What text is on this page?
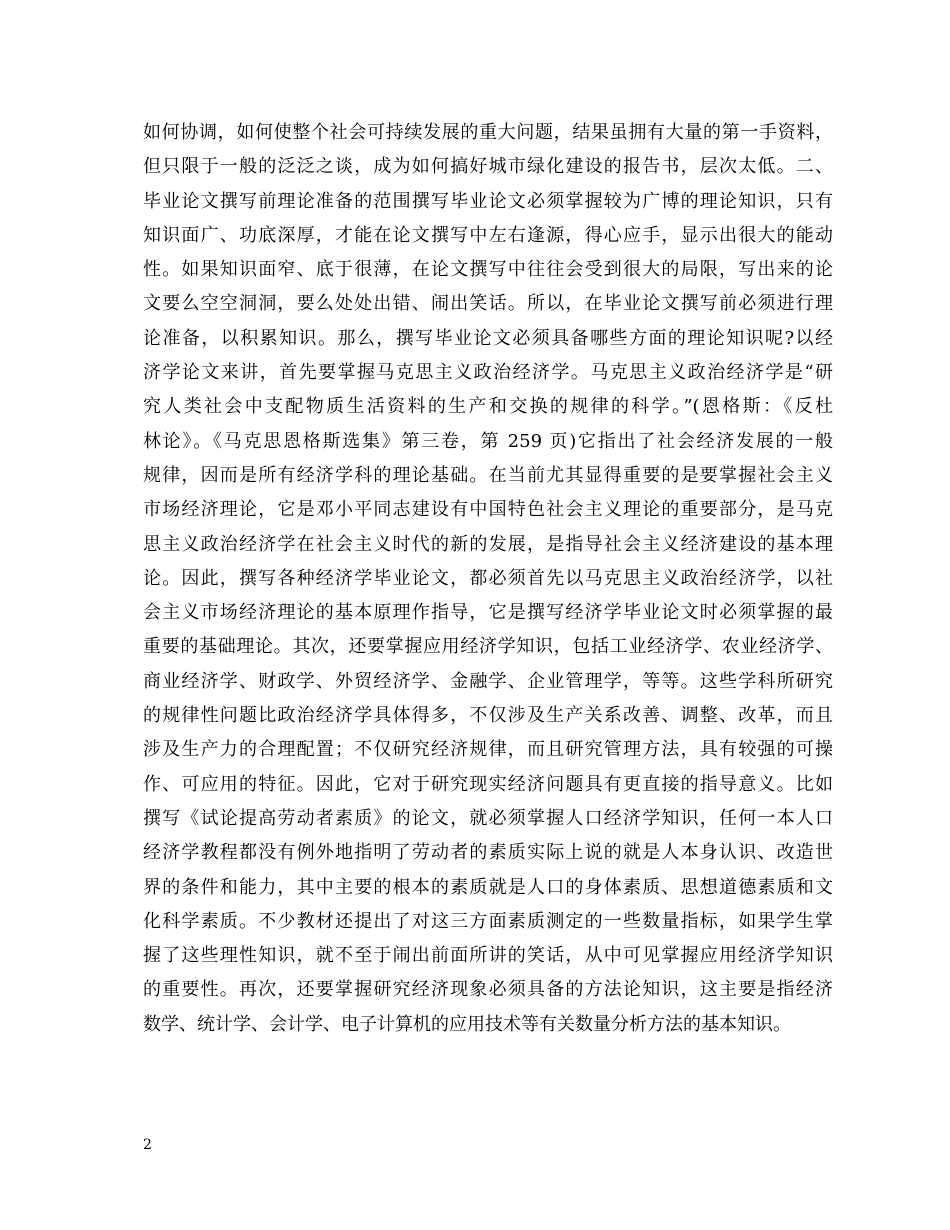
如何协调，如何使整个社会可持续发展的重大问题，结果虽拥有大量的第一手资料，
但只限于一般的泛泛之谈，成为如何搞好城市绿化建设的报告书，层次太低。二、
毕业论文撰写前理论准备的范围撰写毕业论文必须掌握较为广博的理论知识，只有
知识面广、功底深厚，才能在论文撰写中左右逢源，得心应手，显示出很大的能动
性。如果知识面窄、底于很薄，在论文撰写中往往会受到很大的局限，写出来的论
文要么空空洞洞，要么处处出错、闹出笑话。所以，在毕业论文撰写前必须进行理
论准备，以积累知识。那么，撰写毕业论文必须具备哪些方面的理论知识呢?以经
济学论文来讲，首先要掌握马克思主义政治经济学。马克思主义政治经济学是“研
究人类社会中支配物质生活资料的生产和交换的规律的科学。”(恩格斯：《反杜
林论》。《马克思恩格斯选集》第三卷，第 259 页)它指出了社会经济发展的一般
规律，因而是所有经济学科的理论基础。在当前尤其显得重要的是要掌握社会主义
市场经济理论，它是邓小平同志建设有中国特色社会主义理论的重要部分，是马克
思主义政治经济学在社会主义时代的新的发展，是指导社会主义经济建设的基本理
论。因此，撰写各种经济学毕业论文，都必须首先以马克思主义政治经济学，以社
会主义市场经济理论的基本原理作指导，它是撰写经济学毕业论文时必须掌握的最
重要的基础理论。其次，还要掌握应用经济学知识，包括工业经济学、农业经济学、
商业经济学、财政学、外贸经济学、金融学、企业管理学，等等。这些学科所研究
的规律性问题比政治经济学具体得多，不仅涉及生产关系改善、调整、改革，而且
涉及生产力的合理配置；不仅研究经济规律，而且研究管理方法，具有较强的可操
作、可应用的特征。因此，它对于研究现实经济问题具有更直接的指导意义。比如
撰写《试论提高劳动者素质》的论文，就必须掌握人口经济学知识，任何一本人口
经济学教程都没有例外地指明了劳动者的素质实际上说的就是人本身认识、改造世
界的条件和能力，其中主要的根本的素质就是人口的身体素质、思想道德素质和文
化科学素质。不少教材还提出了对这三方面素质测定的一些数量指标，如果学生掌
握了这些理性知识，就不至于闹出前面所讲的笑话，从中可见掌握应用经济学知识
的重要性。再次，还要掌握研究经济现象必须具备的方法论知识，这主要是指经济
数学、统计学、会计学、电子计算机的应用技术等有关数量分析方法的基本知识。
2
